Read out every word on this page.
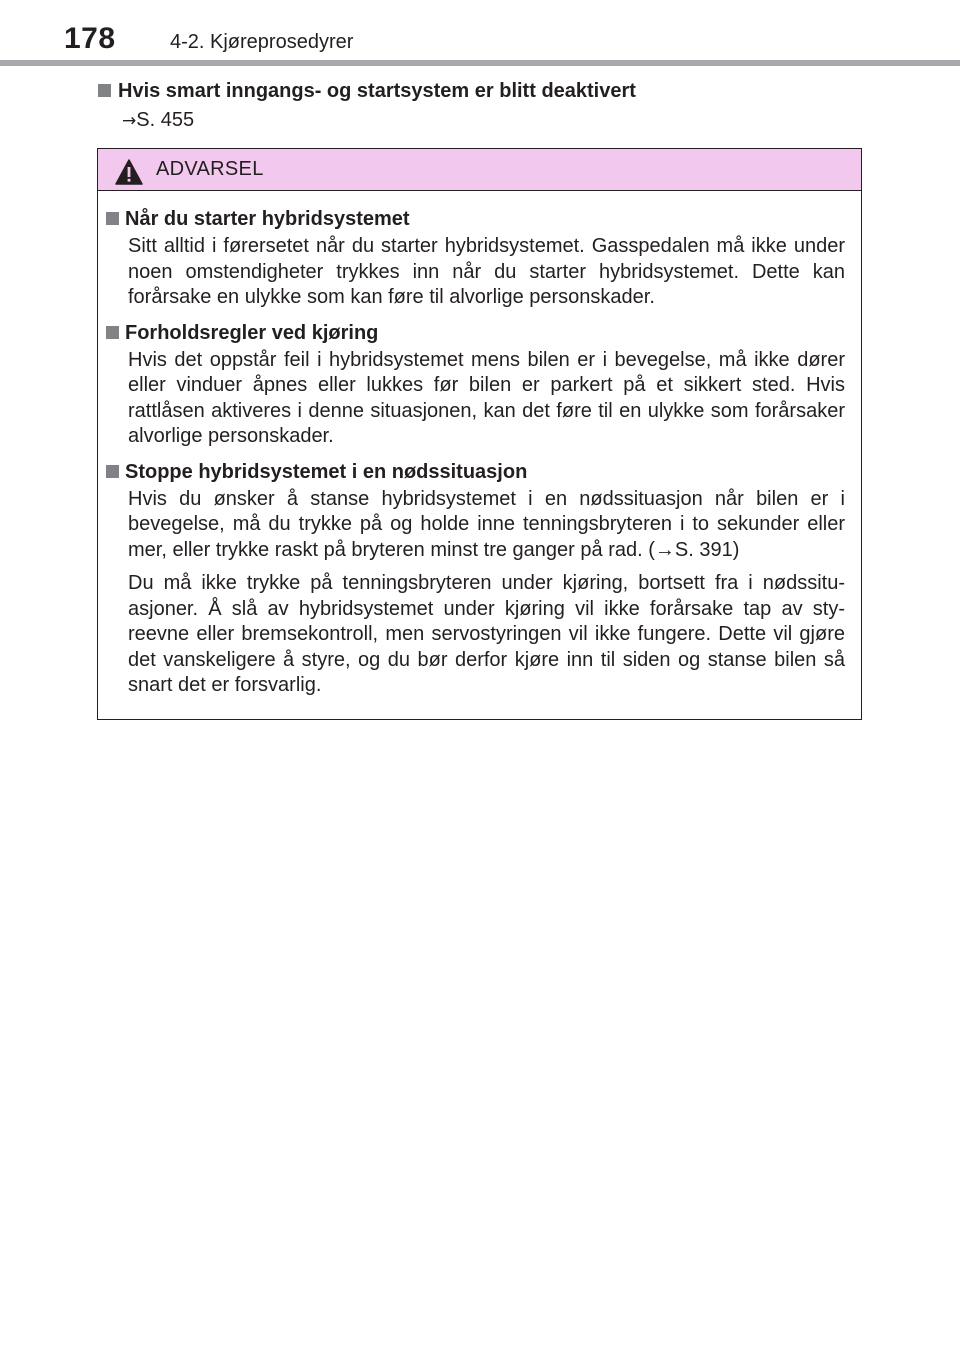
178	4-2. Kjøreprosedyrer
Hvis smart inngangs- og startsystem er blitt deaktivert
→S. 455
ADVARSEL
Når du starter hybridsystemet

Sitt alltid i førersetet når du starter hybridsystemet. Gasspedalen må ikke under noen omstendigheter trykkes inn når du starter hybridsystemet. Dette kan forårsake en ulykke som kan føre til alvorlige personskader.

Forholdsregler ved kjøring

Hvis det oppstår feil i hybridsystemet mens bilen er i bevegelse, må ikke dører eller vinduer åpnes eller lukkes før bilen er parkert på et sikkert sted. Hvis rattlåsen aktiveres i denne situasjonen, kan det føre til en ulykke som forårsaker alvorlige personskader.

Stoppe hybridsystemet i en nødssituasjon

Hvis du ønsker å stanse hybridsystemet i en nødssituasjon når bilen er i bevegelse, må du trykke på og holde inne tenningsbryteren i to sekunder eller mer, eller trykke raskt på bryteren minst tre ganger på rad. (→S. 391)

Du må ikke trykke på tenningsbryteren under kjøring, bortsett fra i nødssitu-asjoner. Å slå av hybridsystemet under kjøring vil ikke forårsake tap av sty-reevne eller bremsekontroll, men servostyringen vil ikke fungere. Dette vil gjøre det vanskeligere å styre, og du bør derfor kjøre inn til siden og stanse bilen så snart det er forsvarlig.
